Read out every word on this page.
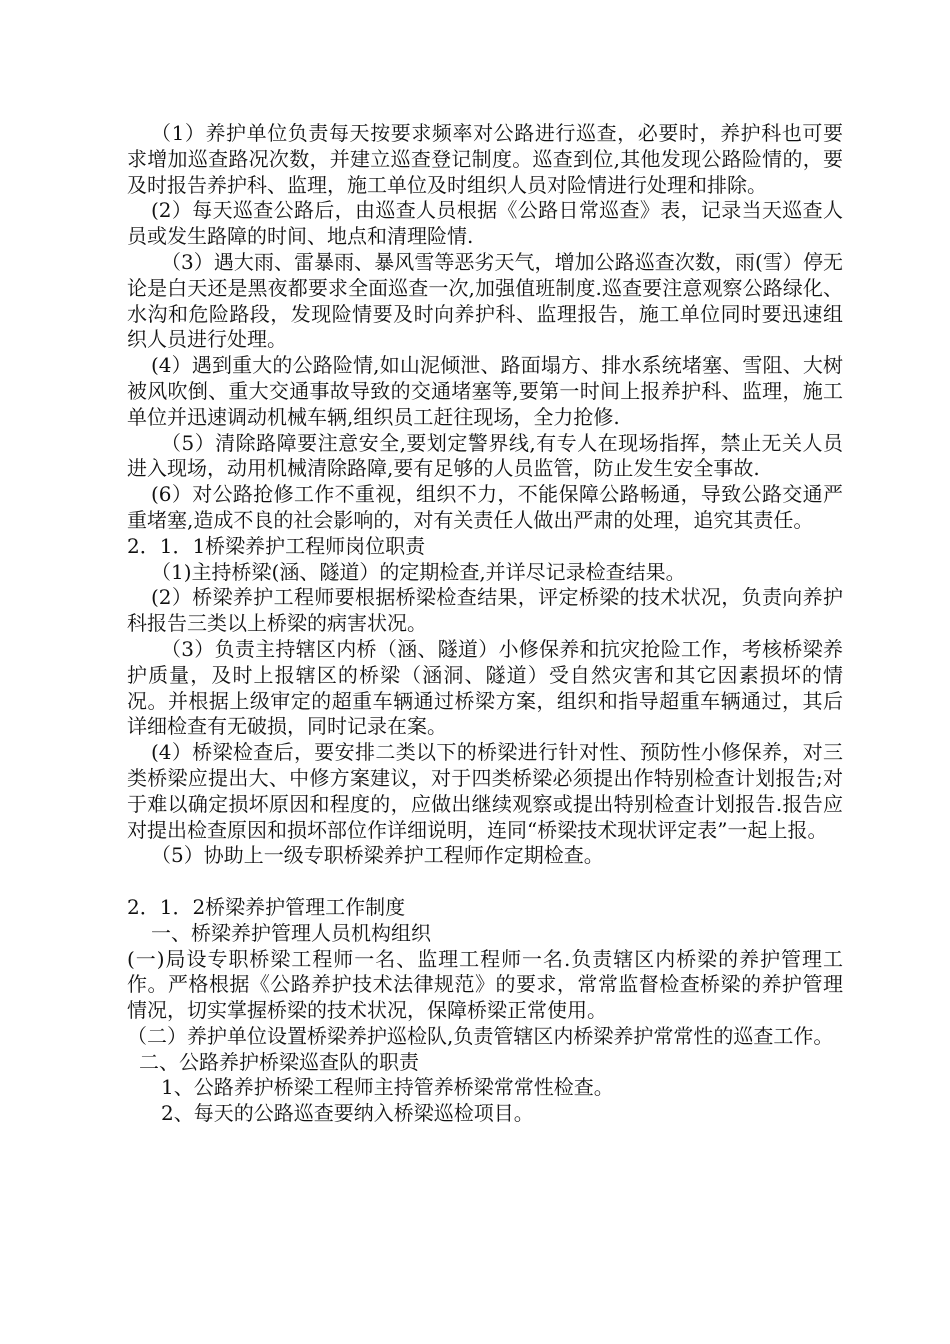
（1）养护单位负责每天按要求频率对公路进行巡查，必要时，养护科也可要求增加巡查路况次数，并建立巡查登记制度。巡查到位,其他发现公路险情的，要及时报告养护科、监理，施工单位及时组织人员对险情进行处理和排除。

(2）每天巡查公路后，由巡查人员根据《公路日常巡查》表，记录当天巡查人员或发生路障的时间、地点和清理险情.

（3）遇大雨、雷暴雨、暴风雪等恶劣天气，增加公路巡查次数，雨(雪）停无论是白天还是黑夜都要求全面巡查一次,加强值班制度.巡查要注意观察公路绿化、水沟和危险路段，发现险情要及时向养护科、监理报告，施工单位同时要迅速组织人员进行处理。

(4）遇到重大的公路险情,如山泥倾泄、路面塌方、排水系统堵塞、雪阻、大树被风吹倒、重大交通事故导致的交通堵塞等,要第一时间上报养护科、监理，施工单位并迅速调动机械车辆,组织员工赶往现场，全力抢修.

（5）清除路障要注意安全,要划定警界线,有专人在现场指挥，禁止无关人员进入现场，动用机械清除路障,要有足够的人员监管，防止发生安全事故.

(6）对公路抢修工作不重视，组织不力，不能保障公路畅通，导致公路交通严重堵塞,造成不良的社会影响的，对有关责任人做出严肃的处理，追究其责任。

2．1．1桥梁养护工程师岗位职责

（1)主持桥梁(涵、隧道）的定期检查,并详尽记录检查结果。

(2）桥梁养护工程师要根据桥梁检查结果，评定桥梁的技术状况，负责向养护科报告三类以上桥梁的病害状况。

（3）负责主持辖区内桥（涵、隧道）小修保养和抗灾抢险工作，考核桥梁养护质量，及时上报辖区的桥梁（涵洞、隧道）受自然灾害和其它因素损坏的情况。并根据上级审定的超重车辆通过桥梁方案，组织和指导超重车辆通过，其后详细检查有无破损，同时记录在案。

(4）桥梁检查后，要安排二类以下的桥梁进行针对性、预防性小修保养，对三类桥梁应提出大、中修方案建议，对于四类桥梁必须提出作特别检查计划报告;对于难以确定损坏原因和程度的，应做出继续观察或提出特别检查计划报告.报告应对提出检查原因和损坏部位作详细说明，连同“桥梁技术现状评定表”一起上报。

（5）协助上一级专职桥梁养护工程师作定期检查。

2．1．2桥梁养护管理工作制度

一、桥梁养护管理人员机构组织

(一)局设专职桥梁工程师一名、监理工程师一名.负责辖区内桥梁的养护管理工作。严格根据《公路养护技术法律规范》的要求，常常监督检查桥梁的养护管理情况，切实掌握桥梁的技术状况，保障桥梁正常使用。

（二）养护单位设置桥梁养护巡检队,负责管辖区内桥梁养护常常性的巡查工作。

二、公路养护桥梁巡查队的职责

1、公路养护桥梁工程师主持管养桥梁常常性检查。

2、每天的公路巡查要纳入桥梁巡检项目。
